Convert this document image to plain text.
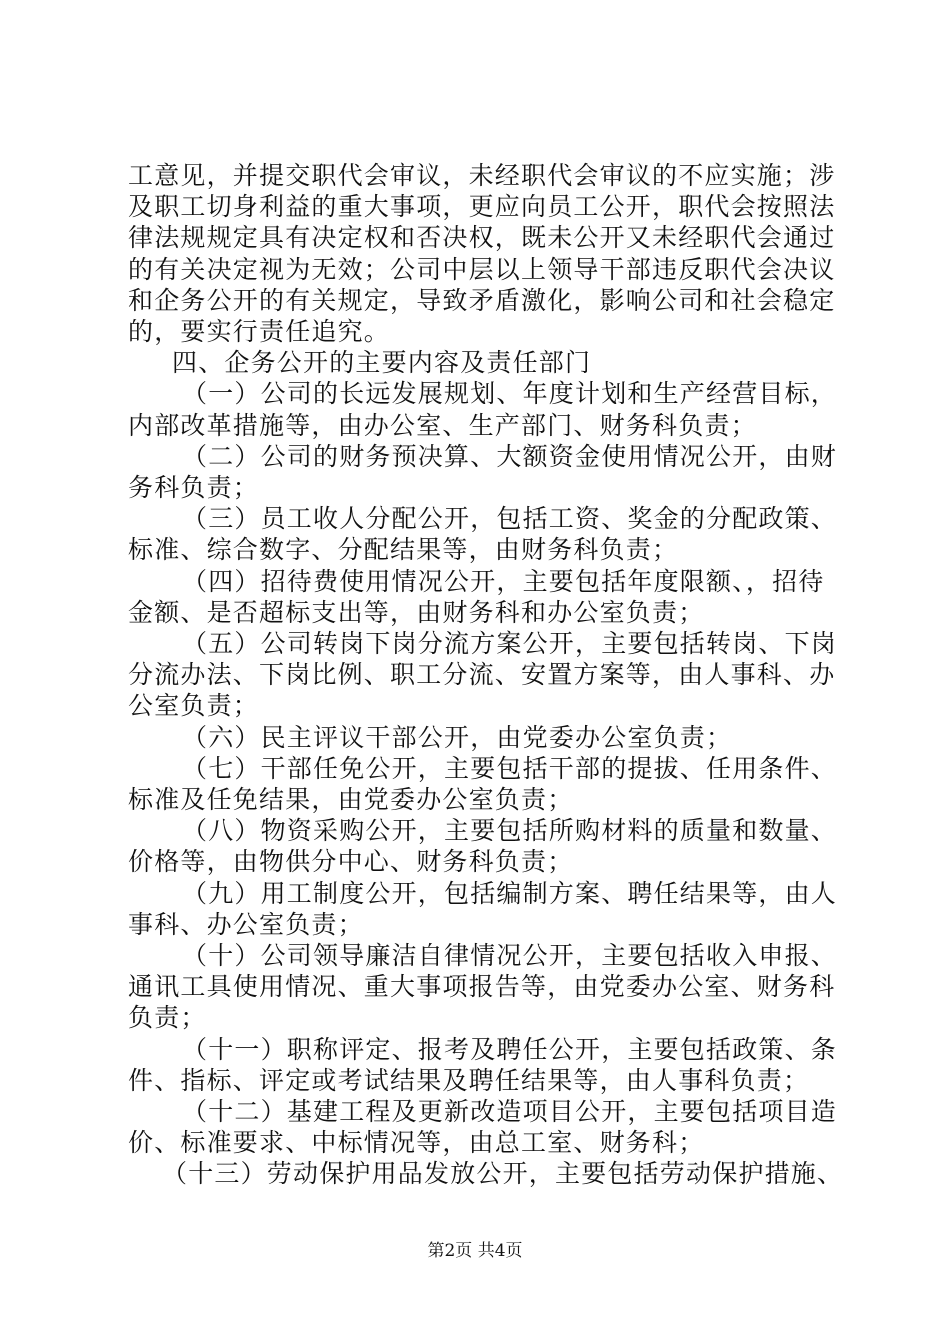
工意见，并提交职代会审议，未经职代会审议的不应实施；涉
及职工切身利益的重大事项，更应向员工公开，职代会按照法
律法规规定具有决定权和否决权，既未公开又未经职代会通过
的有关决定视为无效；公司中层以上领导干部违反职代会决议
和企务公开的有关规定，导致矛盾激化，影响公司和社会稳定
的，要实行责任追究。
四、企务公开的主要内容及责任部门
（一）公司的长远发展规划、年度计划和生产经营目标，
内部改革措施等，由办公室、生产部门、财务科负责；
（二）公司的财务预决算、大额资金使用情况公开，由财
务科负责；
（三）员工收人分配公开，包括工资、奖金的分配政策、
标准、综合数字、分配结果等，由财务科负责；
（四）招待费使用情况公开，主要包括年度限额、，招待
金额、是否超标支出等，由财务科和办公室负责；
（五）公司转岗下岗分流方案公开，主要包括转岗、下岗
分流办法、下岗比例、职工分流、安置方案等，由人事科、办
公室负责；
（六）民主评议干部公开，由党委办公室负责；
（七）干部任免公开，主要包括干部的提拔、任用条件、
标准及任免结果，由党委办公室负责；
（八）物资采购公开，主要包括所购材料的质量和数量、
价格等，由物供分中心、财务科负责；
（九）用工制度公开，包括编制方案、聘任结果等，由人
事科、办公室负责；
（十）公司领导廉洁自律情况公开，主要包括收入申报、
通讯工具使用情况、重大事项报告等，由党委办公室、财务科
负责；
（十一）职称评定、报考及聘任公开，主要包括政策、条
件、指标、评定或考试结果及聘任结果等，由人事科负责；
（十二）基建工程及更新改造项目公开，主要包括项目造
价、标准要求、中标情况等，由总工室、财务科；
（十三）劳动保护用品发放公开，主要包括劳动保护措施、
第2页 共4页
